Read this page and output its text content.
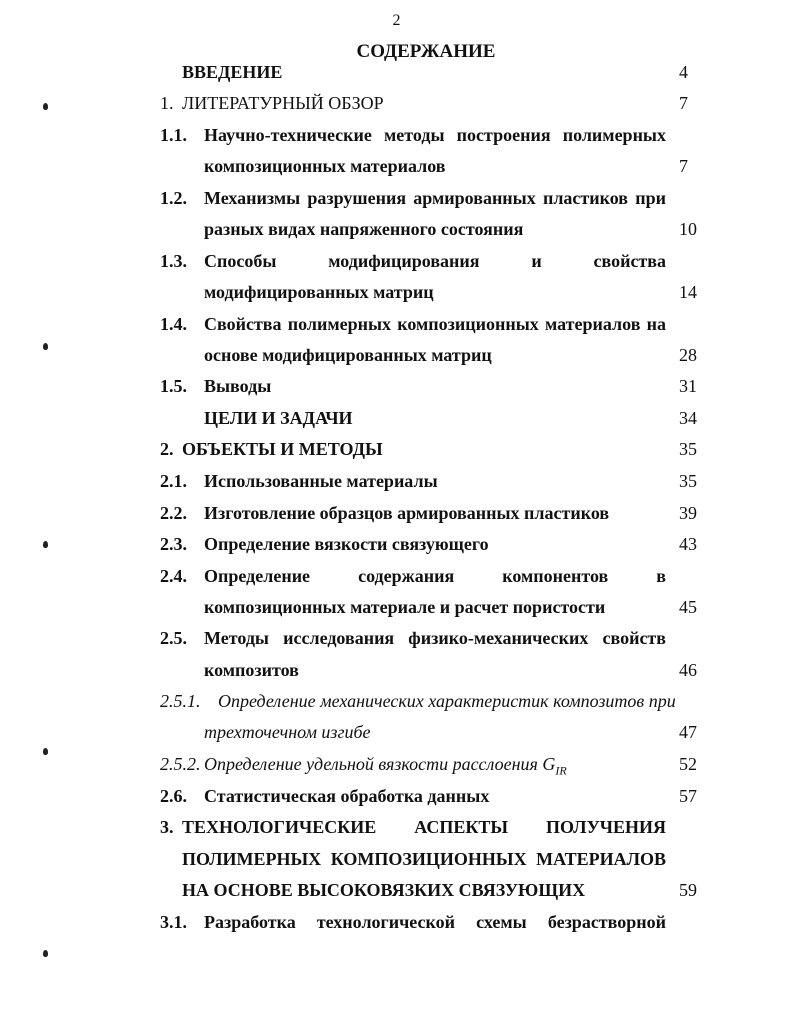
2
СОДЕРЖАНИЕ
ВВЕДЕНИЕ	4
1. ЛИТЕРАТУРНЫЙ ОБЗОР	7
1.1. Научно-технические методы построения полимерных
композиционных материалов	7
1.2. Механизмы разрушения армированных пластиков при
разных видах напряженного состояния	10
1.3. Способы модифицирования и свойства
модифицированных матриц	14
1.4. Свойства полимерных композиционных материалов на
основе модифицированных матриц	28
1.5. Выводы	31
ЦЕЛИ И ЗАДАЧИ	34
2. ОБЪЕКТЫ И МЕТОДЫ	35
2.1. Использованные материалы	35
2.2. Изготовление образцов армированных пластиков	39
2.3. Определение вязкости связующего	43
2.4. Определение содержания компонентов в
композиционных материале и расчет пористости	45
2.5. Методы исследования физико-механических свойств
композитов	46
2.5.1. Определение механических характеристик композитов при
трехточечном изгибе	47
2.5.2. Определение удельной вязкости расслоения $G_{IR}$	52
2.6. Статистическая обработка данных	57
3. ТЕХНОЛОГИЧЕСКИЕ АСПЕКТЫ ПОЛУЧЕНИЯ
ПОЛИМЕРНЫХ КОМПОЗИЦИОННЫХ МАТЕРИАЛОВ
НА ОСНОВЕ ВЫСОКОВЯЗКИХ СВЯЗУЮЩИХ	59
3.1. Разработка технологической схемы безрастворной
